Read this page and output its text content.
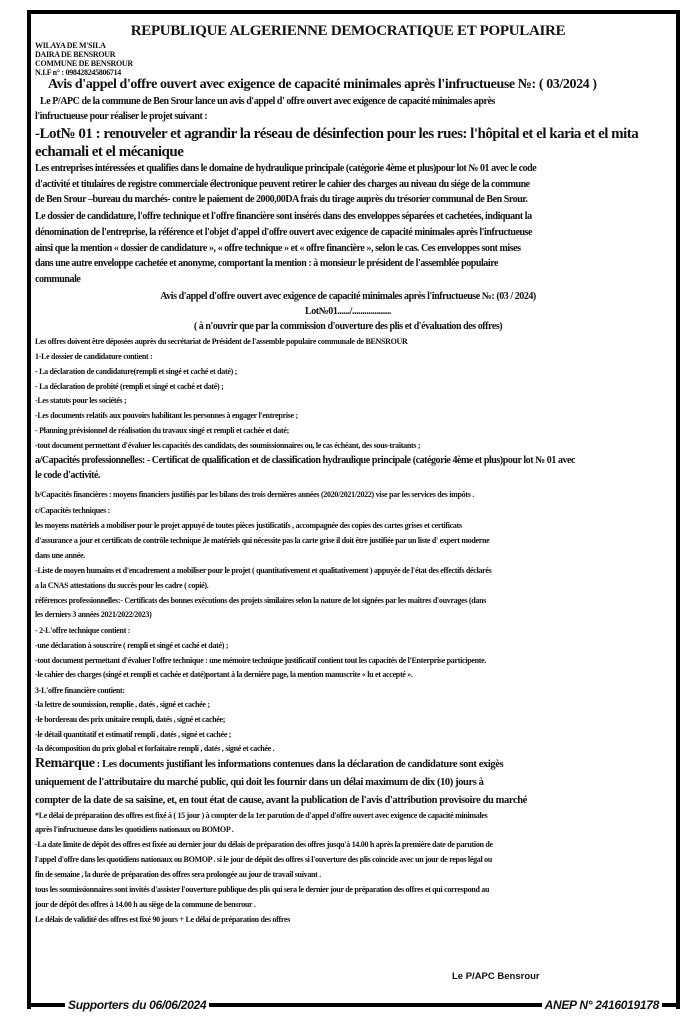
REPUBLIQUE ALGERIENNE DEMOCRATIQUE ET POPULAIRE
WILAYA DE M'SILA
DAIRA DE BENSROUR
COMMUNE DE BENSROUR
N.I.F n° : 098428245806714
Avis d'appel d'offre ouvert avec exigence de capacité minimales après l'infructueuse №: ( 03/2024 )
Le P/APC de la commune de Ben Srour lance un avis d'appel d' offre ouvert avec exigence de capacité minimales après
l'infructueuse pour réaliser le projet suivant :
-Lot№ 01 : renouveler et agrandir la réseau de désinfection pour les rues: l'hôpital et el karia et el mita
echamali et el mécanique
Les entreprises intéressées et qualifies dans le domaine de hydraulique principale (catégorie 4ème et plus)pour lot № 01 avec le code
d'activité et titulaires de registre commerciale électronique peuvent retirer le cahier des charges au niveau du siége de la commune
de Ben Srour –bureau du marchés- contre le paiement de 2000,00DA frais du tirage auprès du trésorier communal de Ben Srour.
Le dossier de candidature, l'offre technique et l'offre financière sont insérés dans des enveloppes séparées et cachetées, indiquant la
dénomination de l'entreprise, la référence et l'objet d'appel d'offre ouvert avec exigence de capacité minimales après l'infructueuse
ainsi que la mention « dossier de candidature », « offre technique » et « offre financière », selon le cas. Ces enveloppes sont mises
dans une autre enveloppe cachetée et anonyme, comportant la mention : à monsieur le président de l'assemblée populaire
communale
Avis d'appel d'offre ouvert avec exigence de capacité minimales après l'infructueuse №: (03 / 2024)
Lot№01....../...................
( à n'ouvrir que par la commission d'ouverture des plis et d'évaluation des offres)
Les offres doivent être déposées auprès du secrétariat de Président de l'assemble populaire communale de BENSROUR
1-Le dossier de candidature contient :
- La déclaration de candidature(rempli et singé et caché et daté) ;
- La déclaration de probité (rempli et singé et caché et daté) ;
-Les statuts pour les sociétés ;
-Les documents relatifs aux pouvoirs habilitant les personnes à engager l'entreprise ;
- Planning prévisionnel de réalisation du travaux singé et rempli et cachée et daté;
-tout document permettant d'évaluer les capacités des candidats, des soumissionnaires ou, le cas échéant, des sous-traitants ;
a/Capacités professionnelles: - Certificat de qualification et de classification hydraulique principale (catégorie 4ème et plus)pour lot № 01 avec
le code d'activité.
b/Capacités financières : moyens financiers justifiés par les bilans des trois dernières années (2020/2021/2022) vise par les services des impôts .
c/Capacités techniques :
les moyens matériels a mobiliser pour le projet appuyé de toutes pièces justificatifs , accompagnée des copies des cartes grises et certificats
d'assurance a jour et certificats de contrôle technique ,le matériels qui nécessite pas la carte grise il doit être justifiée par un liste d' expert moderne
dans une année.
-Liste de moyen humains et d'encadrement a mobiliser pour le projet ( quantitativement et qualitativement ) appuyée de l'état des effectifs déclarés
a la CNAS attestations du succès pour les cadre ( copié).
références professionnelles:- Certificats des bonnes exécutions des projets similaires selon la nature de lot signées par les maîtres d'ouvrages (dans
les derniers 3 années 2021/2022/2023)
- 2-L'offre technique contient :
-une déclaration à souscrire ( rempli et singé et caché et daté) ;
-tout document permettant d'évaluer l'offre technique : une mémoire technique justificatif contient tout les capacités de l'Enterprise participente.
-le cahier des charges (singé et rempli et cachée et daté)portant à la dernière page, la mention manuscrite « lu et accepté ».
3-L'offre financière contient:
-la lettre de soumission, remplie , datés , signé et cachée ;
-le bordereau des prix unitaire rempli, datés , signé et cachée;
-le détail quantitatif et estimatif rempli , datés , signé et cachée ;
-la décomposition du prix global et forfaitaire rempli , datés , signé et cachée .
Remarque : Les documents justifiant les informations contenues dans la déclaration de candidature sont exigès
uniquement de l'attributaire du marché public, qui doit les fournir dans un délai maximum de dix (10) jours à
compter de la date de sa saisine, et, en tout état de cause, avant la publication de l'avis d'attribution provisoire du marché
*Le délai de préparation des offres est fixé à ( 15 jour ) à compter de la 1er parution de d'appel d'offre ouvert avec exigence de capacité minimales
après l'infructueuse dans les quotidiens nationaux ou BOMOP .
-La date limite de dépôt des offres est fixée au dernier jour du délais de préparation des offres jusqu'à 14.00 h après la première date de parution de
l'appel d'offre dans les quotidiens nationaux ou BOMOP . si le jour de dépôt des offres si l'ouverture des plis coïncide avec un jour de repos légal ou
fin de semaine , la durée de préparation des offres sera prolongée au jour de travail suivant .
tous les soumissionnaires sont invités d'assister l'ouverture publique des plis qui sera le dernier jour de préparation des offres et qui correspond au
jour de dépôt des offres à 14.00 h au siège de la commune de bensrour .
Le délais de validité des offres est fixé 90 jours + Le délai de préparation des offres
Le P/APC Bensrour
Supporters du 06/06/2024	ANEP N° 2416019178
